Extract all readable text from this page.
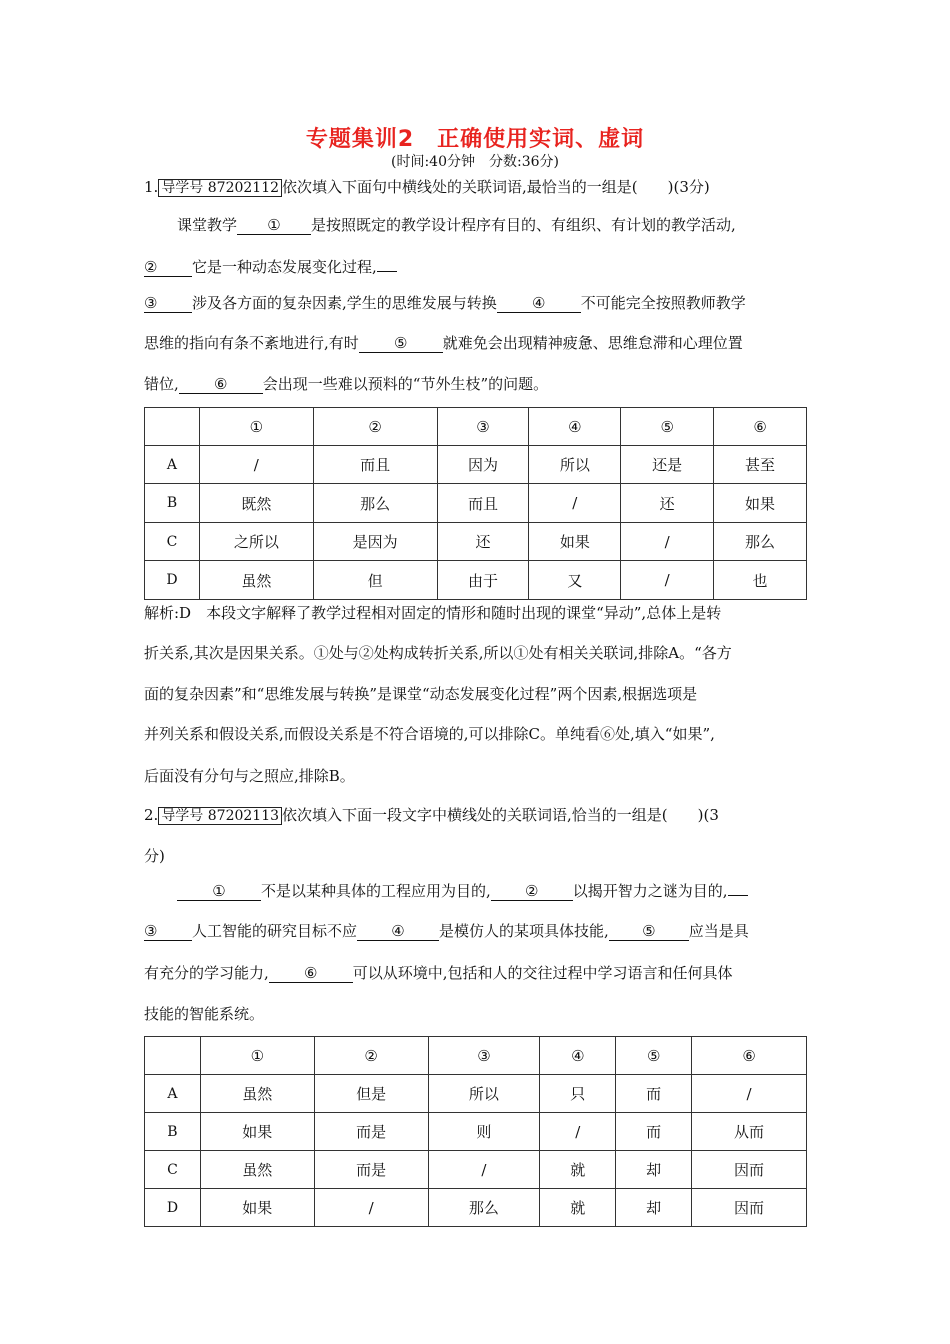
专题集训2　正确使用实词、虚词
(时间:40分钟　分数:36分)
1. 导学号 87202112 依次填入下面句中横线处的关联词语,最恰当的一组是(　　)(3分)
课堂教学 ① 是按照既定的教学设计程序有目的、有组织、有计划的教学活动,
② 它是一种动态发展变化过程,
③ 涉及各方面的复杂因素,学生的思维发展与转换 ④ 不可能完全按照教师教学
思维的指向有条不紊地进行,有时 ⑤ 就难免会出现精神疲惫、思维怠滞和心理位置
错位, ⑥ 会出现一些难以预料的“节外生枝”的问题。
	①	②	③	④	⑤	⑥
A	/	而且	因为	所以	还是	甚至
B	既然	那么	而且	/	还	如果
C	之所以	是因为	还	如果	/	那么
D	虽然	但	由于	又	/	也
解析:D　本段文字解释了教学过程相对固定的情形和随时出现的课堂“异动”,总体上是转
折关系,其次是因果关系。①处与②处构成转折关系,所以①处有相关关联词,排除A。“各方
面的复杂因素”和“思维发展与转换”是课堂“动态发展变化过程”两个因素,根据选项是
并列关系和假设关系,而假设关系是不符合语境的,可以排除C。单纯看⑥处,填入“如果”,
后面没有分句与之照应,排除B。
2. 导学号 87202113 依次填入下面一段文字中横线处的关联词语,恰当的一组是(　　)(3
分)
① 不是以某种具体的工程应用为目的, ② 以揭开智力之谜为目的,
③ 人工智能的研究目标不应 ④ 是模仿人的某项具体技能, ⑤ 应当是具
有充分的学习能力, ⑥ 可以从环境中,包括和人的交往过程中学习语言和任何具体
技能的智能系统。
	①	②	③	④	⑤	⑥
A	虽然	但是	所以	只	而	/
B	如果	而是	则	/	而	从而
C	虽然	而是	/	就	却	因而
D	如果	/	那么	就	却	因而
